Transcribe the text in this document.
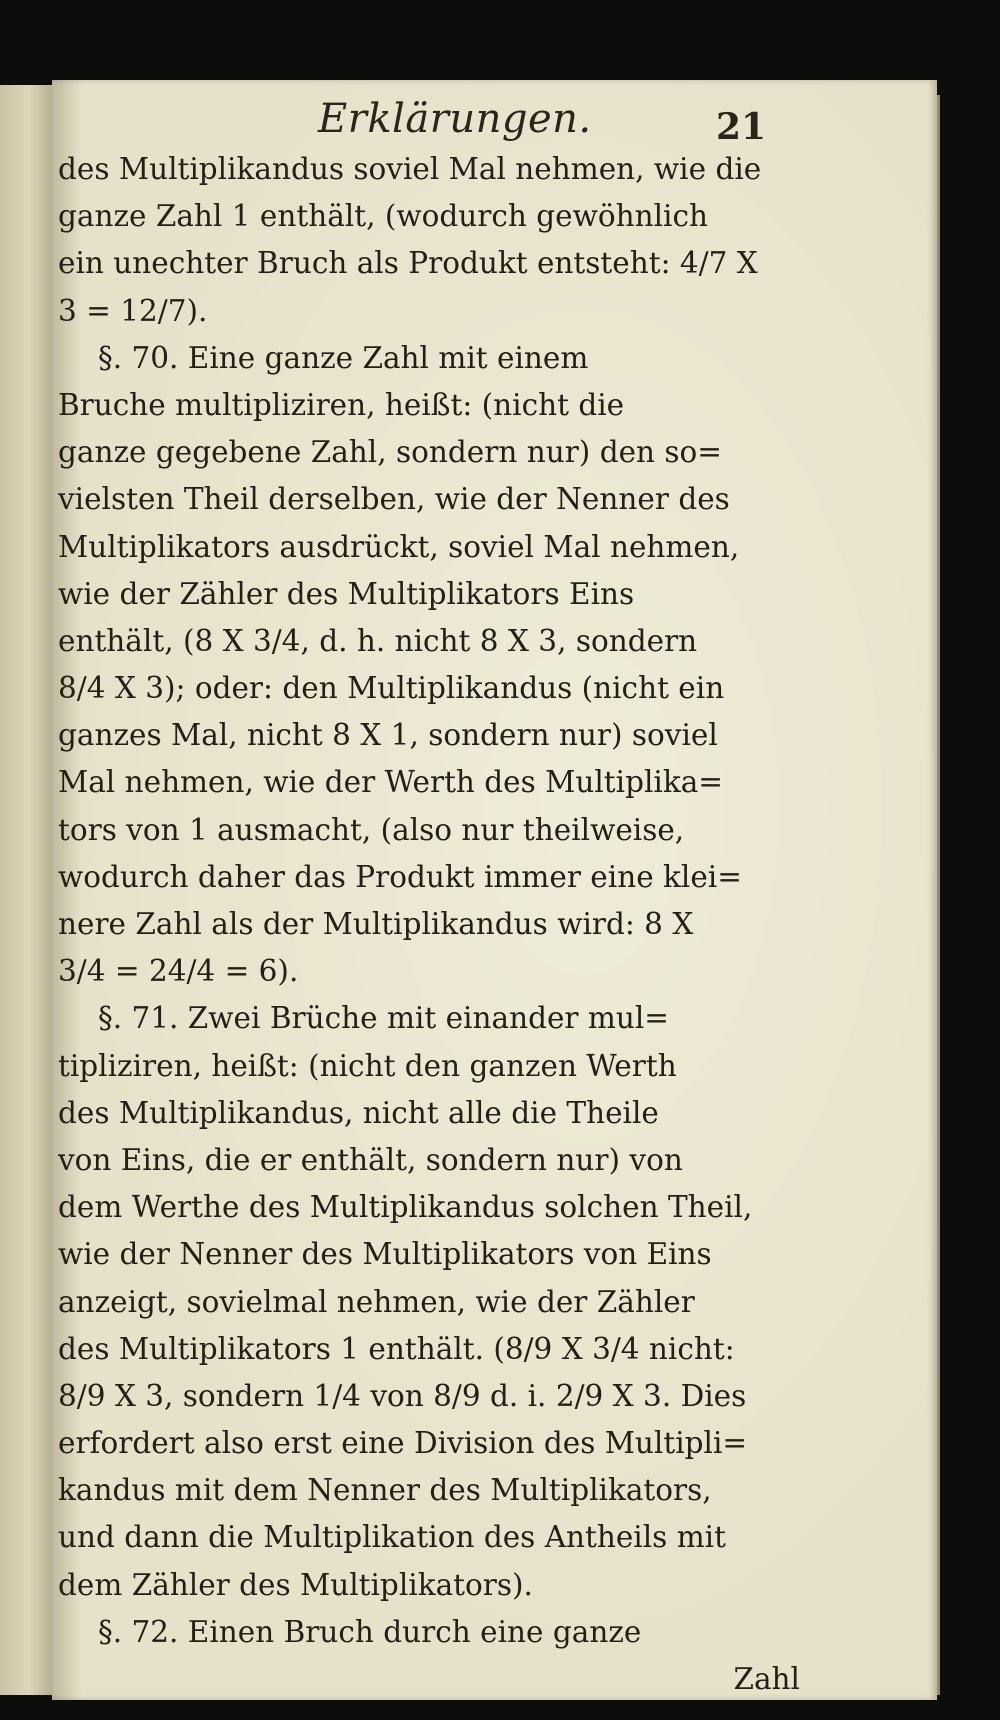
Erklärungen.	21
des Multiplikandus soviel Mal nehmen, wie die
ganze Zahl 1 enthält, (wodurch gewöhnlich
ein unechter Bruch als Produkt entsteht: 4/7 X
3 = 12/7).
§. 70. Eine ganze Zahl mit einem
Bruche multipliziren, heißt: (nicht die
ganze gegebene Zahl, sondern nur) den so=
vielsten Theil derselben, wie der Nenner des
Multiplikators ausdrückt, soviel Mal nehmen,
wie der Zähler des Multiplikators Eins
enthält, (8 X 3/4, d. h. nicht 8 X 3, sondern
8/4 X 3); oder: den Multiplikandus (nicht ein
ganzes Mal, nicht 8 X 1, sondern nur) soviel
Mal nehmen, wie der Werth des Multiplika=
tors von 1 ausmacht, (also nur theilweise,
wodurch daher das Produkt immer eine klei=
nere Zahl als der Multiplikandus wird: 8 X
3/4 = 24/4 = 6).
§. 71. Zwei Brüche mit einander mul=
tipliziren, heißt: (nicht den ganzen Werth
des Multiplikandus, nicht alle die Theile
von Eins, die er enthält, sondern nur) von
dem Werthe des Multiplikandus solchen Theil,
wie der Nenner des Multiplikators von Eins
anzeigt, sovielmal nehmen, wie der Zähler
des Multiplikators 1 enthält. (8/9 X 3/4 nicht:
8/9 X 3, sondern 1/4 von 8/9 d. i. 2/9 X 3. Dies
erfordert also erst eine Division des Multipli=
kandus mit dem Nenner des Multiplikators,
und dann die Multiplikation des Antheils mit
dem Zähler des Multiplikators).
§. 72. Einen Bruch durch eine ganze
Zahl
